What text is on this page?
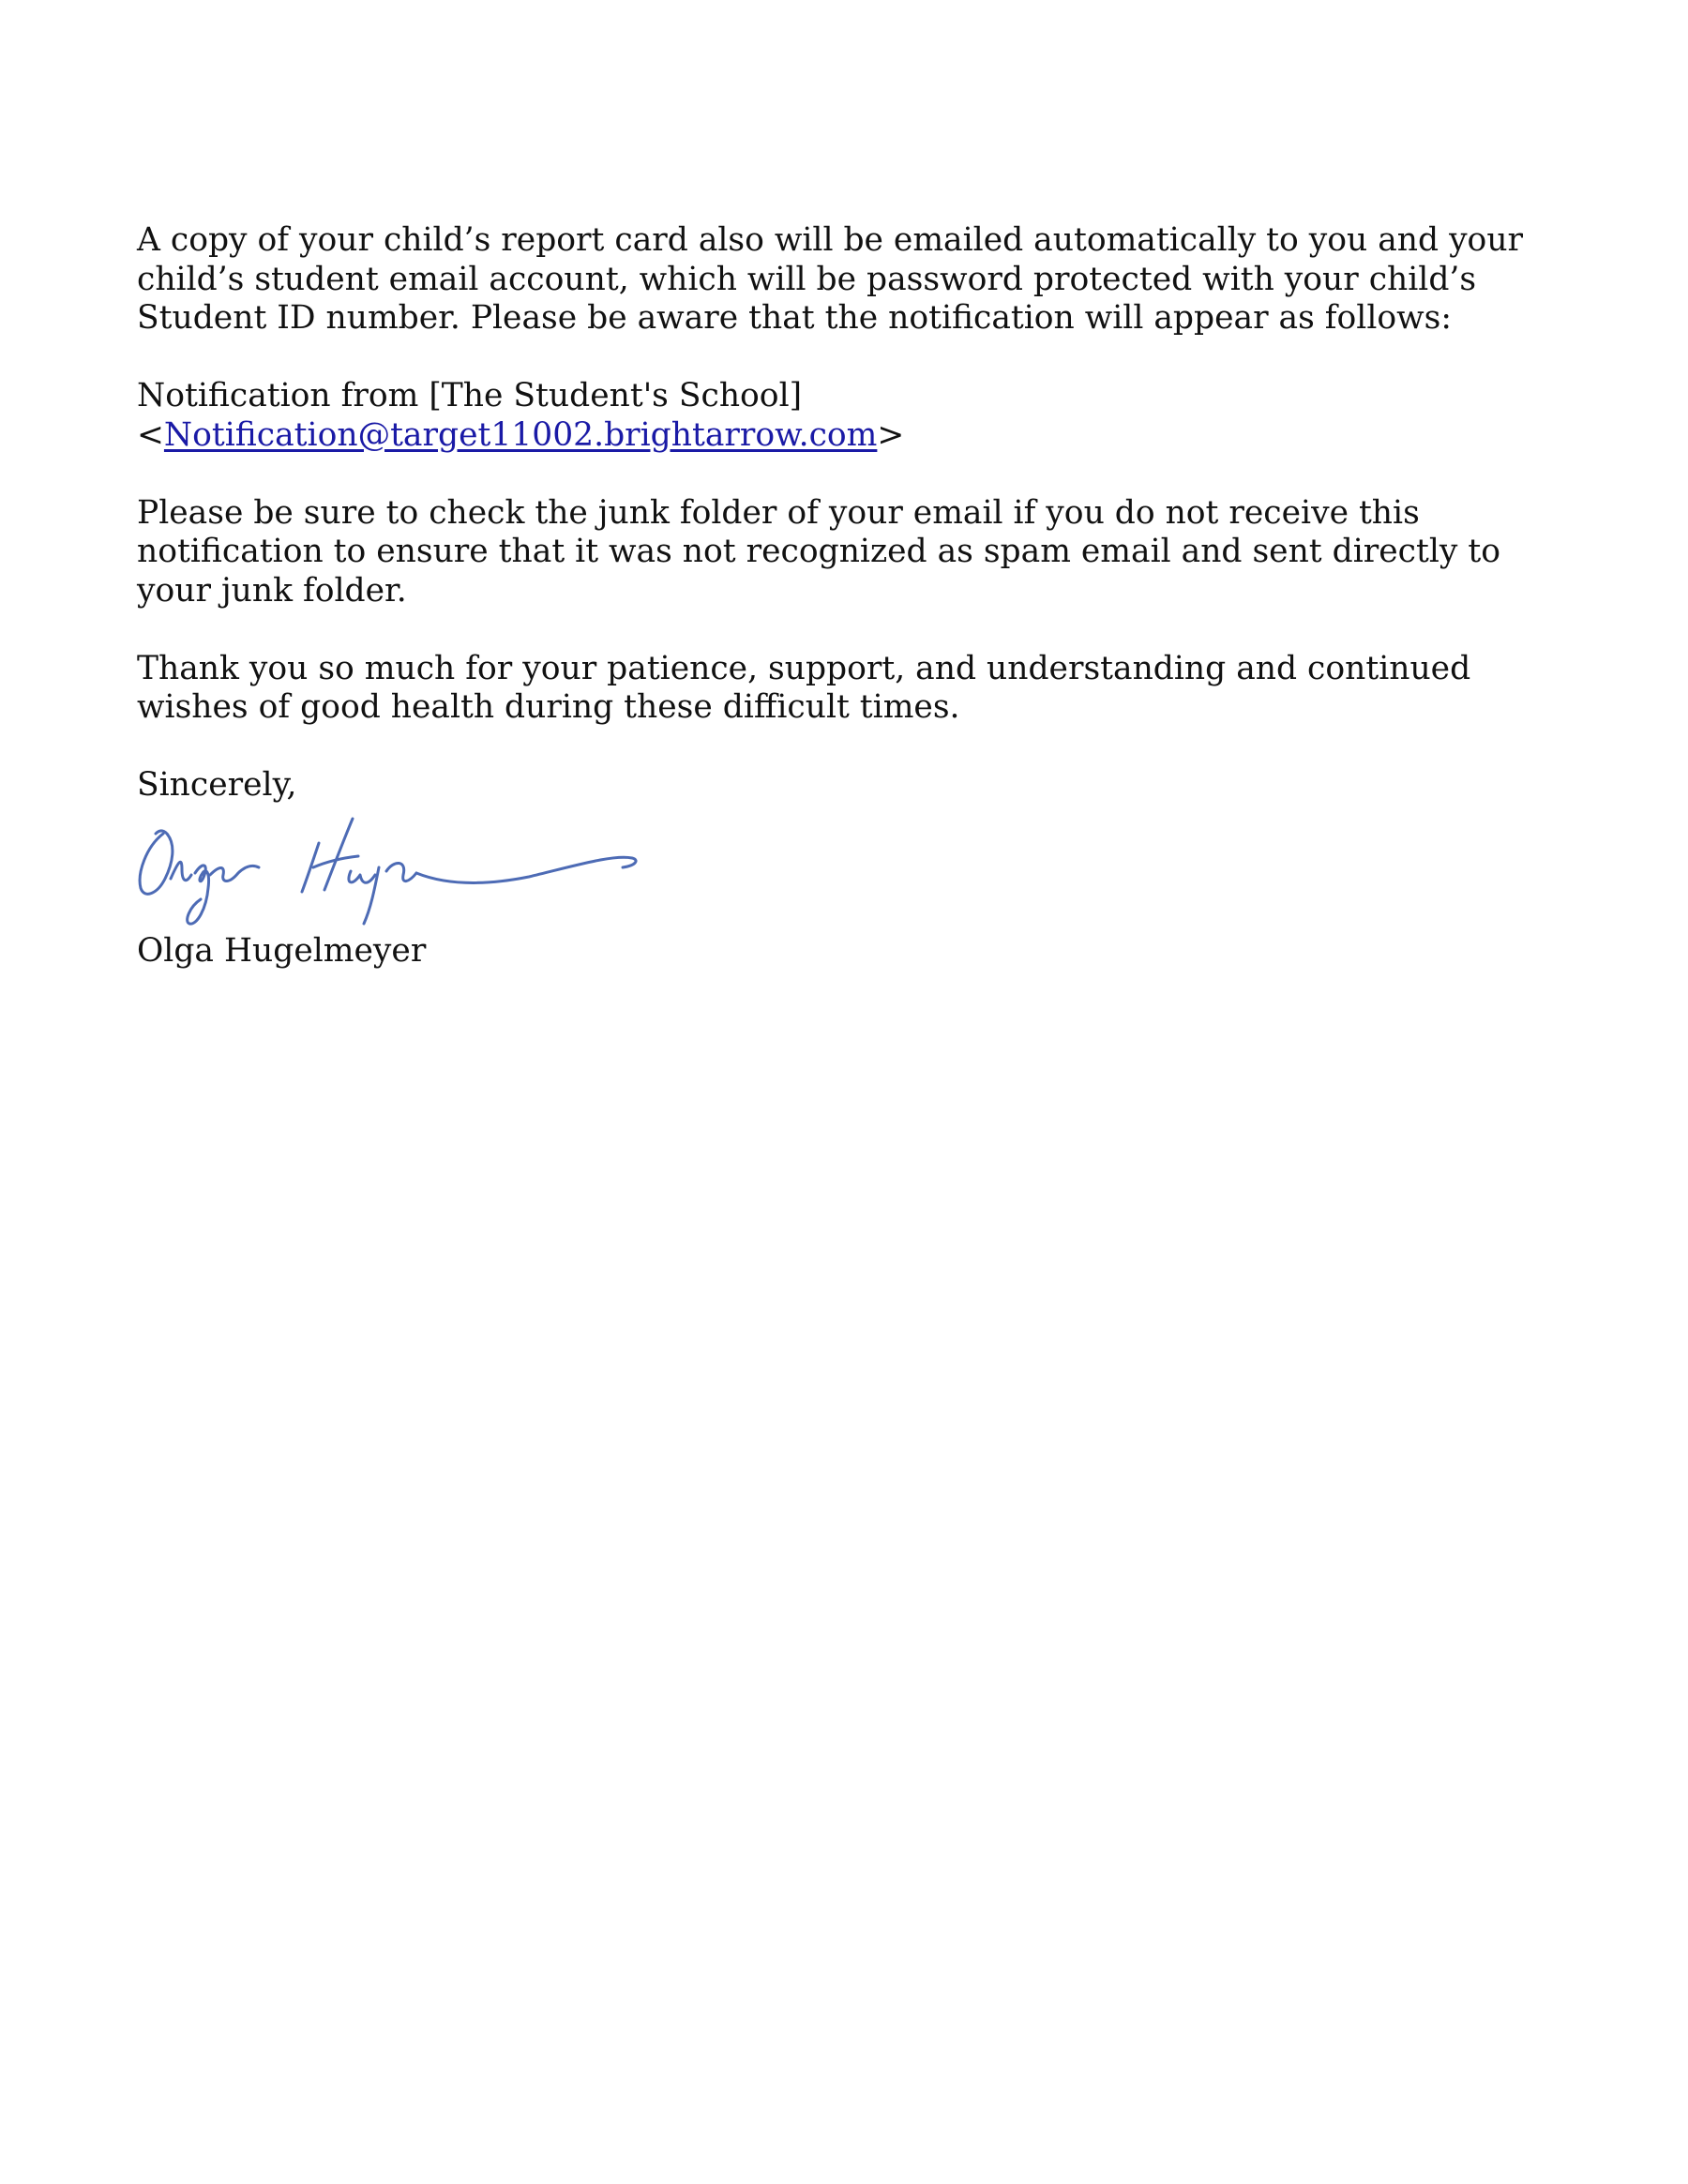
A copy of your child’s report card also will be emailed automatically to you and your child’s student email account, which will be password protected with your child’s Student ID number. Please be aware that the notification will appear as follows:

Notification from [The Student's School] <Notification@target11002.brightarrow.com>

Please be sure to check the junk folder of your email if you do not receive this notification to ensure that it was not recognized as spam email and sent directly to your junk folder.

Thank you so much for your patience, support, and understanding and continued wishes of good health during these difficult times.

Sincerely,

Olga Hugelmeyer
